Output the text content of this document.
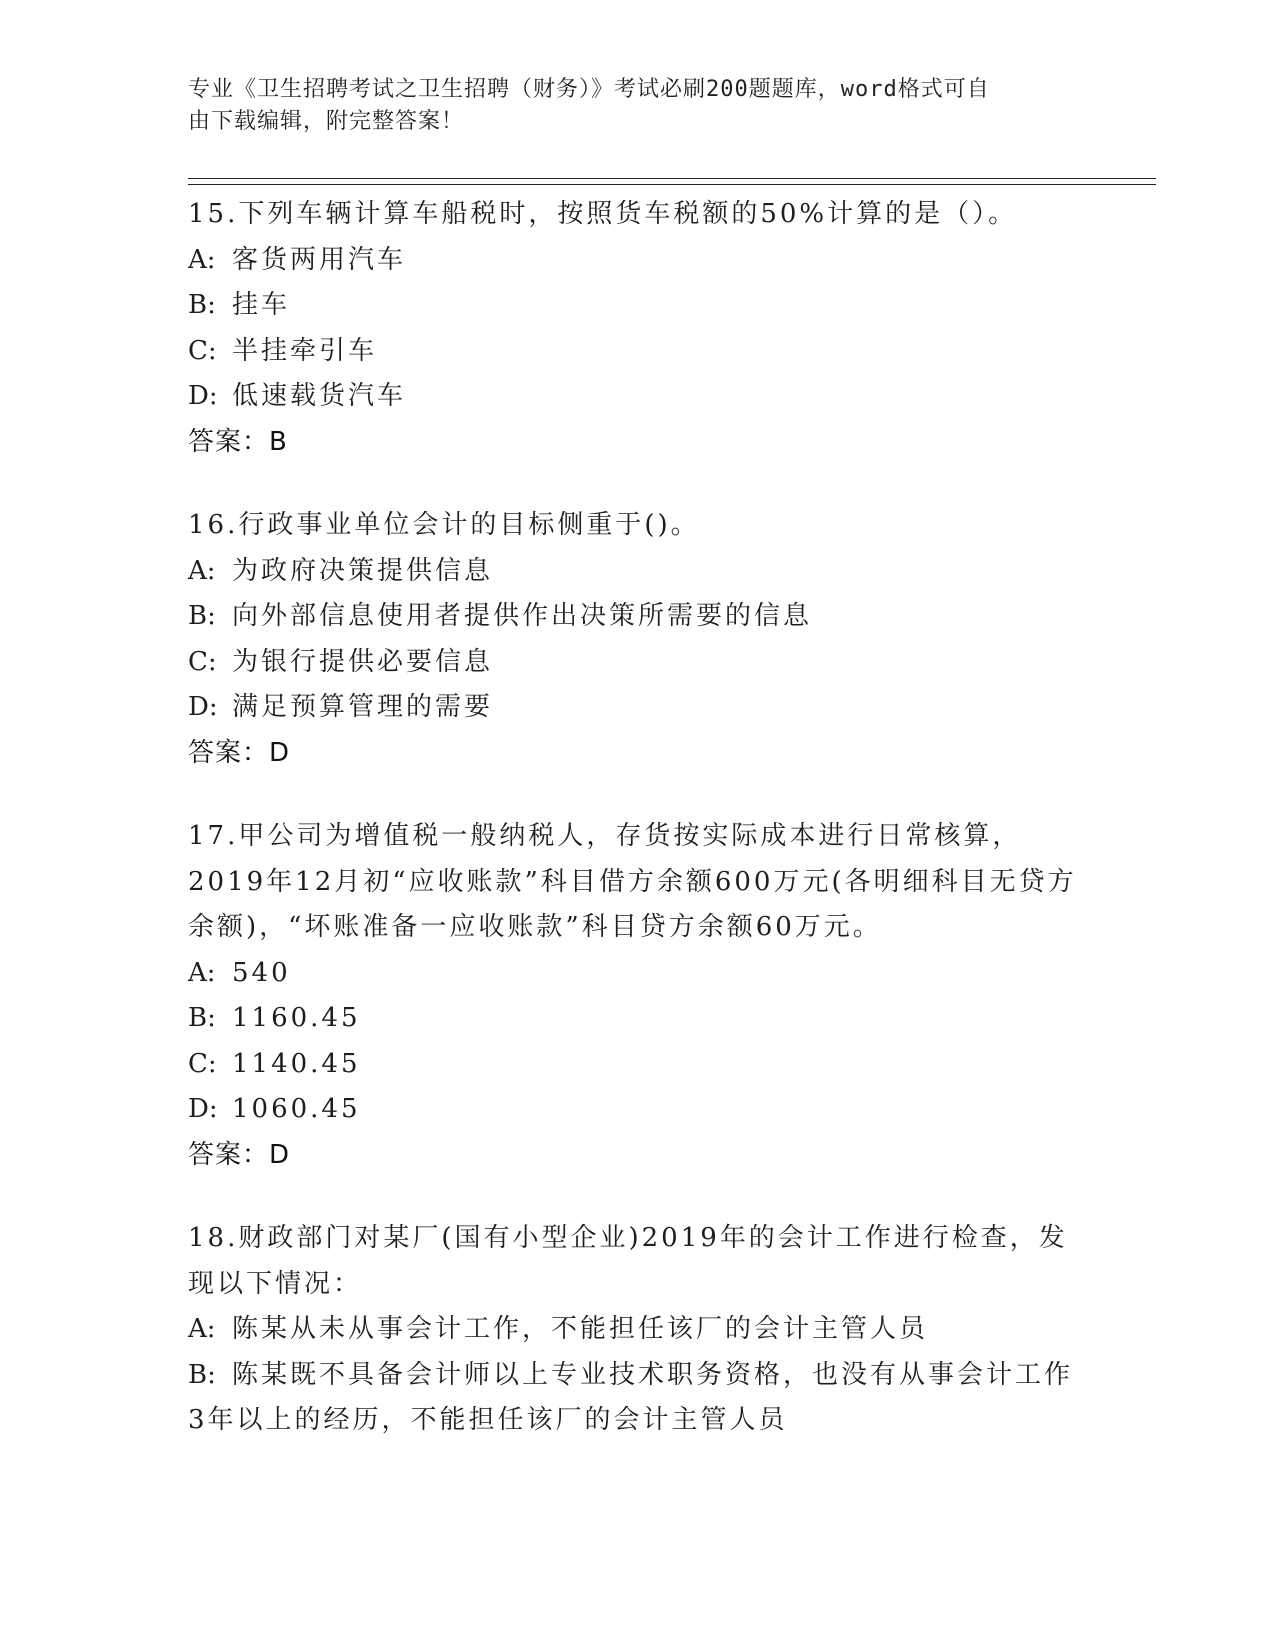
专业《卫生招聘考试之卫生招聘（财务）》考试必刷200题题库，word格式可自
由下载编辑，附完整答案！

15.下列车辆计算车船税时，按照货车税额的50%计算的是（）。

A: 客货两用汽车
B: 挂车
C: 半挂牵引车
D: 低速载货汽车
答案：B

16.行政事业单位会计的目标侧重于()。

A: 为政府决策提供信息
B: 向外部信息使用者提供作出决策所需要的信息
C: 为银行提供必要信息
D: 满足预算管理的需要
答案：D

17.甲公司为增值税一般纳税人，存货按实际成本进行日常核算，2019年12月初“应收账款”科目借方余额600万元(各明细科目无贷方余额)，“坏账准备一应收账款”科目贷方余额60万元。

A: 540
B: 1160.45
C: 1140.45
D: 1060.45
答案：D

18.财政部门对某厂(国有小型企业)2019年的会计工作进行检查，发现以下情况：

A: 陈某从未从事会计工作，不能担任该厂的会计主管人员
B: 陈某既不具备会计师以上专业技术职务资格，也没有从事会计工作3年以上的经历，不能担任该厂的会计主管人员
